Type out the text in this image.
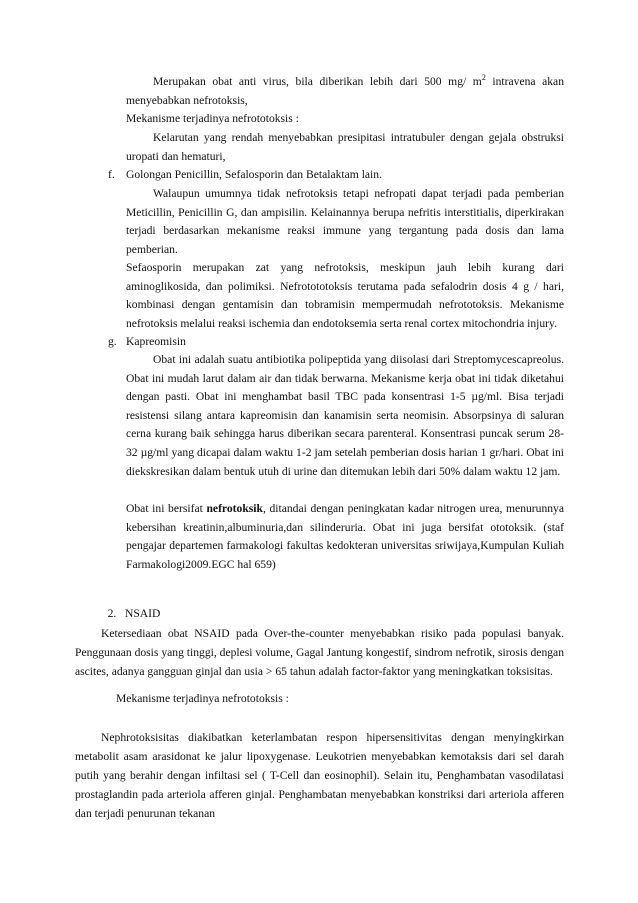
Merupakan obat anti virus, bila diberikan lebih dari 500 mg/ $m^2$ intravena akan menyebabkan nefrotoksis,
Mekanisme terjadinya nefrototoksis :
Kelarutan yang rendah menyebabkan presipitasi intratubuler dengan gejala obstruksi uropati dan hematuri,
f. Golongan Penicillin, Sefalosporin dan Betalaktam lain.
Walaupun umumnya tidak nefrotoksis tetapi nefropati dapat terjadi pada pemberian Meticillin, Penicillin G, dan ampisilin. Kelainannya berupa nefritis interstitialis, diperkirakan terjadi berdasarkan mekanisme reaksi immune yang tergantung pada dosis dan lama pemberian.
Sefaosporin merupakan zat yang nefrotoksis, meskipun jauh lebih kurang dari aminoglikosida, dan polimiksi. Nefrotototoksis terutama pada sefalodrin dosis 4 g / hari, kombinasi dengan gentamisin dan tobramisin mempermudah nefrototoksis. Mekanisme nefrotoksis melalui reaksi ischemia dan endotoksemia serta renal cortex mitochondria injury.
g. Kapreomisin
Obat ini adalah suatu antibiotika polipeptida yang diisolasi dari Streptomycescapreolus. Obat ini mudah larut dalam air dan tidak berwarna. Mekanisme kerja obat ini tidak diketahui dengan pasti. Obat ini menghambat basil TBC pada konsentrasi 1-5 µg/ml. Bisa terjadi resistensi silang antara kapreomisin dan kanamisin serta neomisin. Absorpsinya di saluran cerna kurang baik sehingga harus diberikan secara parenteral. Konsentrasi puncak serum 28-32 µg/ml yang dicapai dalam waktu 1-2 jam setelah pemberian dosis harian 1 gr/hari. Obat ini diekskresikan dalam bentuk utuh di urine dan ditemukan lebih dari 50% dalam waktu 12 jam.
Obat ini bersifat nefrotoksik, ditandai dengan peningkatan kadar nitrogen urea, menurunnya kebersihan kreatinin,albuminuria,dan silinderuria. Obat ini juga bersifat ototoksik. (staf pengajar departemen farmakologi fakultas kedokteran universitas sriwijaya,Kumpulan Kuliah Farmakologi2009.EGC hal 659)

2.   NSAID

Ketersediaan obat NSAID pada Over-the-counter menyebabkan risiko pada populasi banyak. Penggunaan dosis yang tinggi, deplesi volume, Gagal Jantung kongestif, sindrom nefrotik, sirosis dengan ascites, adanya gangguan ginjal dan usia > 65 tahun adalah factor-faktor yang meningkatkan toksisitas.
Mekanisme terjadinya nefrototoksis :
Nephrotoksisitas diakibatkan keterlambatan respon hipersensitivitas dengan menyingkirkan metabolit asam arasidonat ke jalur lipoxygenase. Leukotrien menyebabkan kemotaksis dari sel darah putih yang berahir dengan infiltasi sel ( T-Cell dan eosinophil). Selain itu, Penghambatan vasodilatasi prostaglandin pada arteriola afferen ginjal. Penghambatan menyebabkan konstriksi dari arteriola afferen dan terjadi penurunan tekanan
